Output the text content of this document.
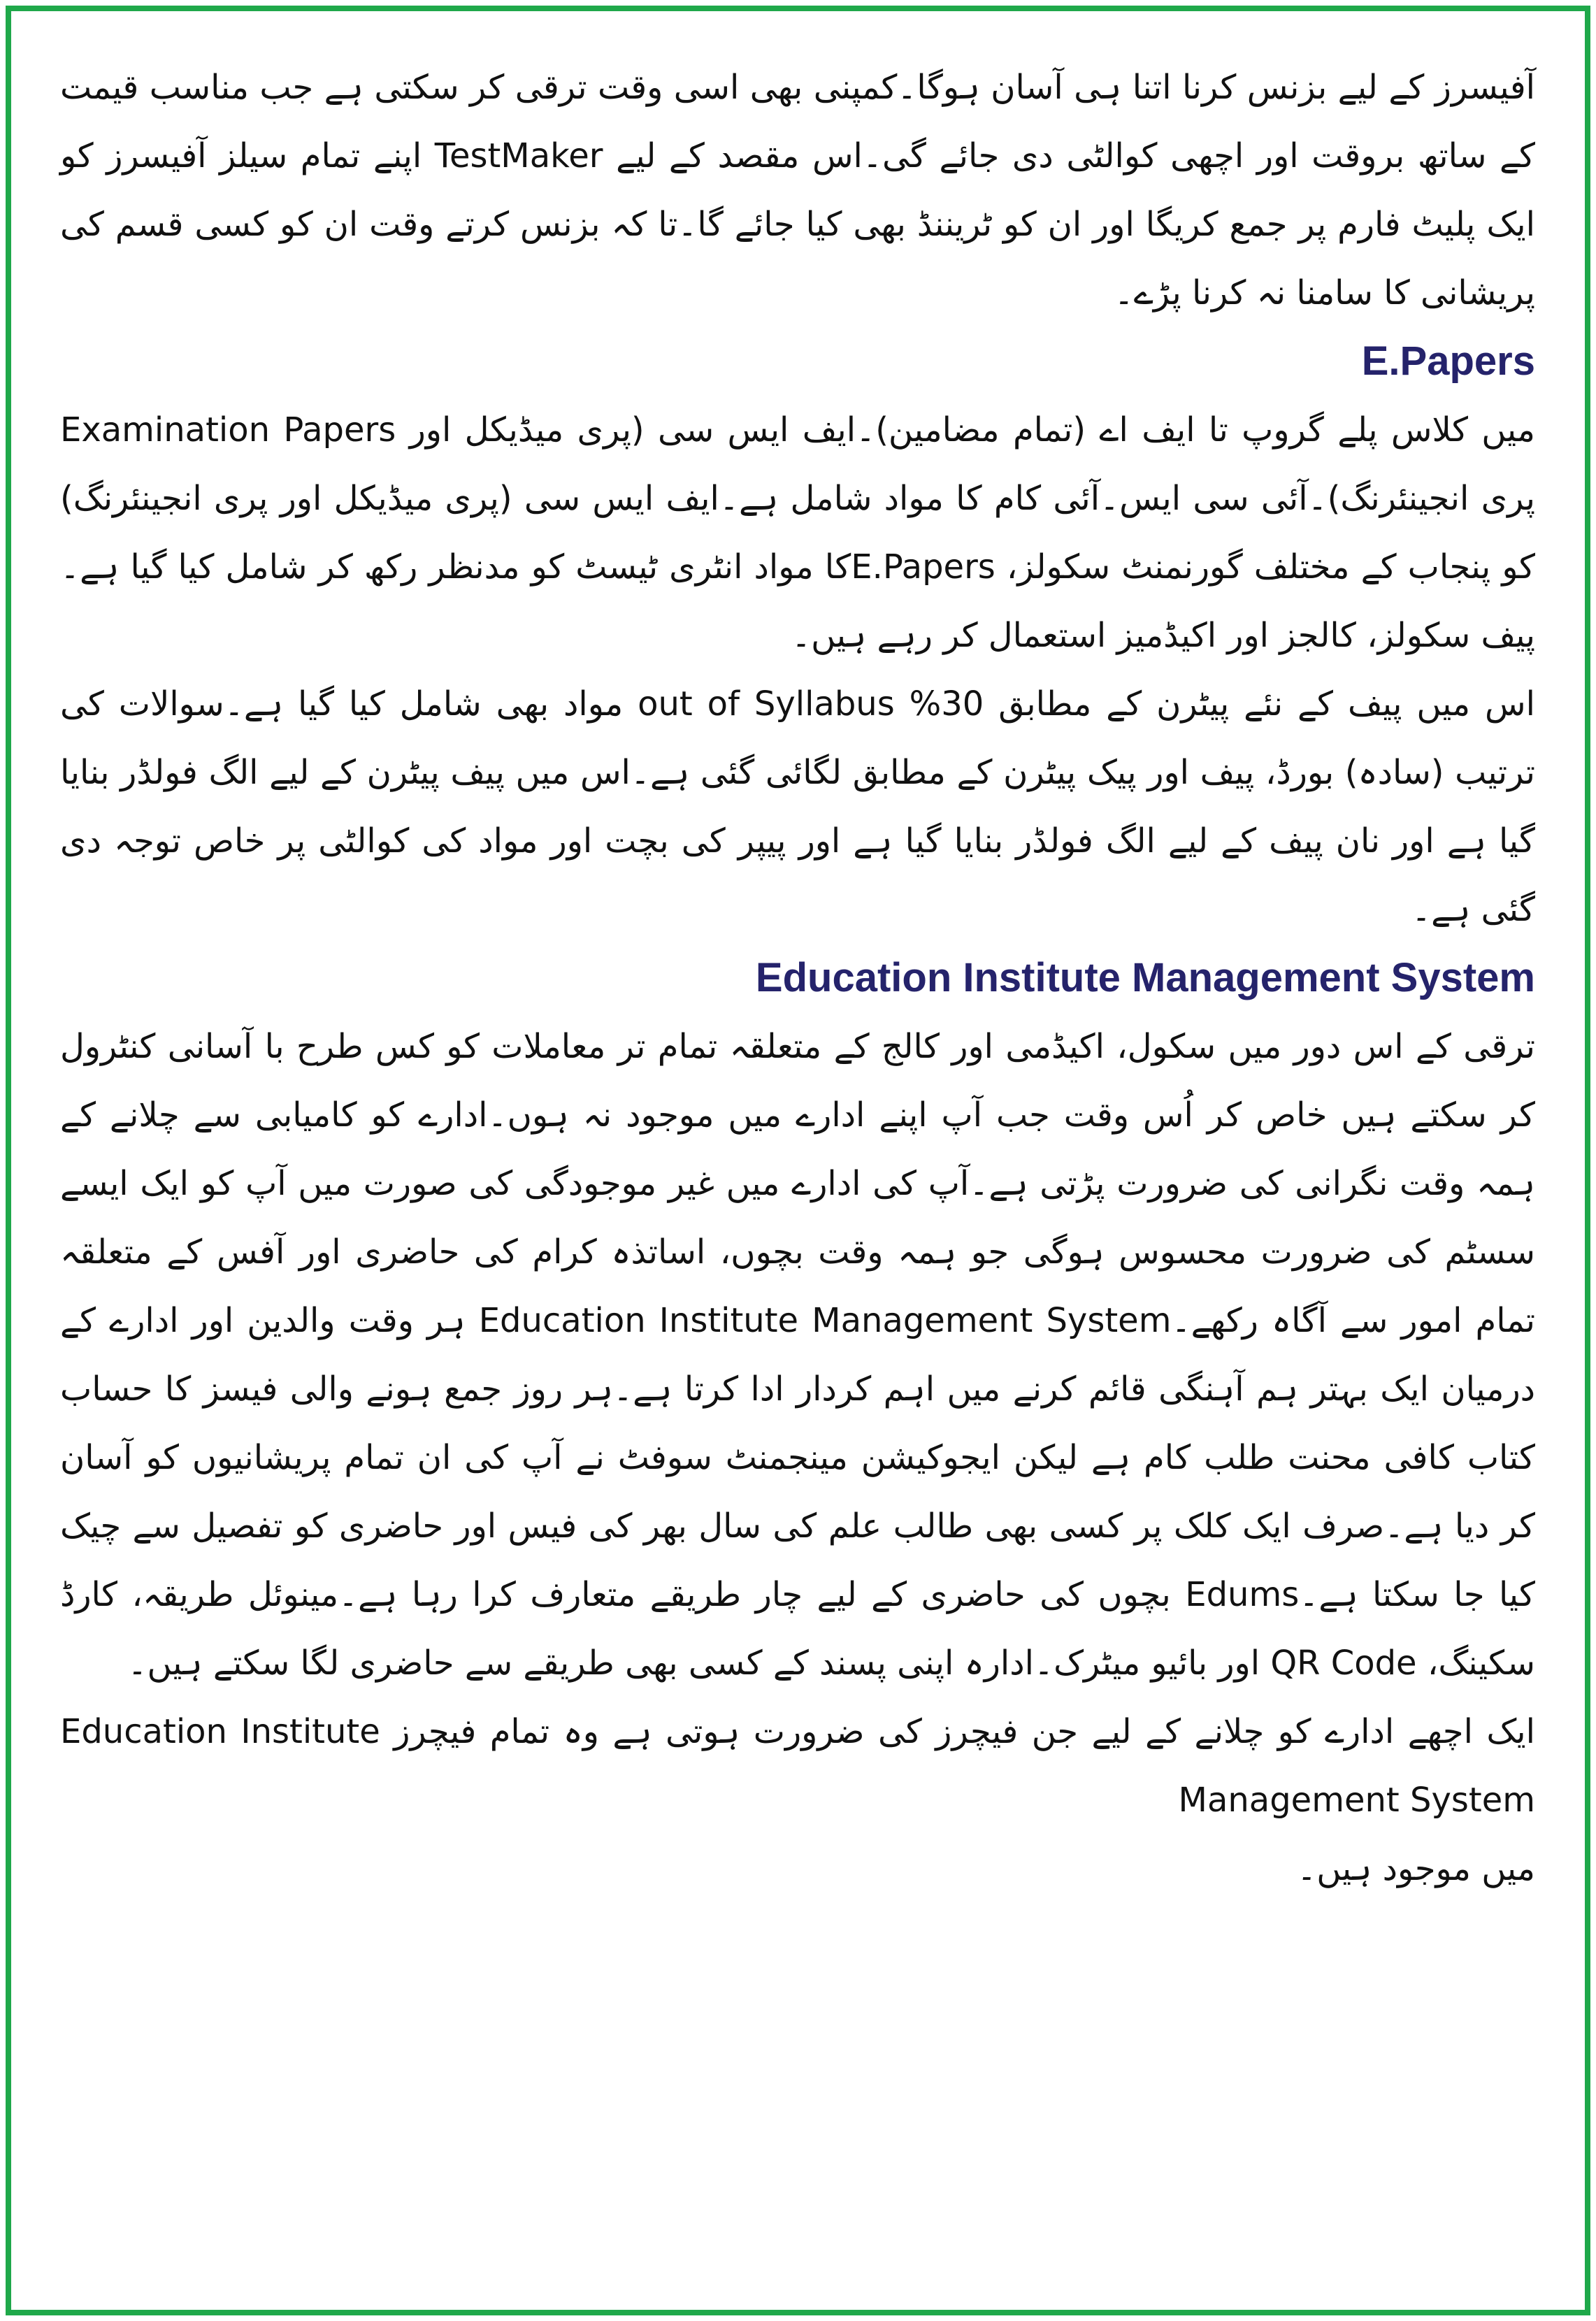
آفیسرز کے لیے بزنس کرنا اتنا ہی آسان ہوگا۔کمپنی بھی اسی وقت ترقی کر سکتی ہے جب مناسب قیمت کے ساتھ بروقت اور اچھی کوالٹی دی جائے گی۔اس مقصد کے لیے TestMaker اپنے تمام سیلز آفیسرز کو ایک پلیٹ فارم پر جمع کریگا اور ان کو ٹریننڈ بھی کیا جائے گا۔تا کہ بزنس کرتے وقت ان کو کسی قسم کی پریشانی کا سامنا نہ کرنا پڑے۔

E.Papers

Examination Papers میں کلاس پلے گروپ تا ایف اے (تمام مضامین)۔ایف ایس سی (پری میڈیکل اور پری انجینئرنگ)۔آئی سی ایس۔آئی کام کا مواد شامل ہے۔ایف ایس سی (پری میڈیکل اور پری انجینئرنگ) کا مواد انٹری ٹیسٹ کو مدنظر رکھ کر شامل کیا گیا ہے۔E.Papers کو پنجاب کے مختلف گورنمنٹ سکولز، پیف سکولز، کالجز اور اکیڈمیز استعمال کر رہے ہیں۔

اس میں پیف کے نئے پیٹرن کے مطابق 30% out of Syllabus مواد بھی شامل کیا گیا ہے۔سوالات کی ترتیب (سادہ) بورڈ، پیف اور پیک پیٹرن کے مطابق لگائی گئی ہے۔اس میں پیف پیٹرن کے لیے الگ فولڈر بنایا گیا ہے اور نان پیف کے لیے الگ فولڈر بنایا گیا ہے اور پیپر کی بچت اور مواد کی کوالٹی پر خاص توجہ دی گئی ہے۔

Education Institute Management System

ترقی کے اس دور میں سکول، اکیڈمی اور کالج کے متعلقہ تمام تر معاملات کو کس طرح با آسانی کنٹرول کر سکتے ہیں خاص کر اُس وقت جب آپ اپنے ادارے میں موجود نہ ہوں۔ادارے کو کامیابی سے چلانے کے ہمہ وقت نگرانی کی ضرورت پڑتی ہے۔آپ کی ادارے میں غیر موجودگی کی صورت میں آپ کو ایک ایسے سسٹم کی ضرورت محسوس ہوگی جو ہمہ وقت بچوں، اساتذہ کرام کی حاضری اور آفس کے متعلقہ تمام امور سے آگاہ رکھے۔Education Institute Management System ہر وقت والدین اور ادارے کے درمیان ایک بہتر ہم آہنگی قائم کرنے میں اہم کردار ادا کرتا ہے۔ہر روز جمع ہونے والی فیسز کا حساب کتاب کافی محنت طلب کام ہے لیکن ایجوکیشن مینجمنٹ سوفٹ نے آپ کی ان تمام پریشانیوں کو آسان کر دیا ہے۔صرف ایک کلک پر کسی بھی طالب علم کی سال بھر کی فیس اور حاضری کو تفصیل سے چیک کیا جا سکتا ہے۔Edums بچوں کی حاضری کے لیے چار طریقے متعارف کرا رہا ہے۔مینوئل طریقہ، کارڈ سکینگ، QR Code اور بائیو میٹرک۔ادارہ اپنی پسند کے کسی بھی طریقے سے حاضری لگا سکتے ہیں۔

ایک اچھے ادارے کو چلانے کے لیے جن فیچرز کی ضرورت ہوتی ہے وہ تمام فیچرز Education Institute Management System

میں موجود ہیں۔
